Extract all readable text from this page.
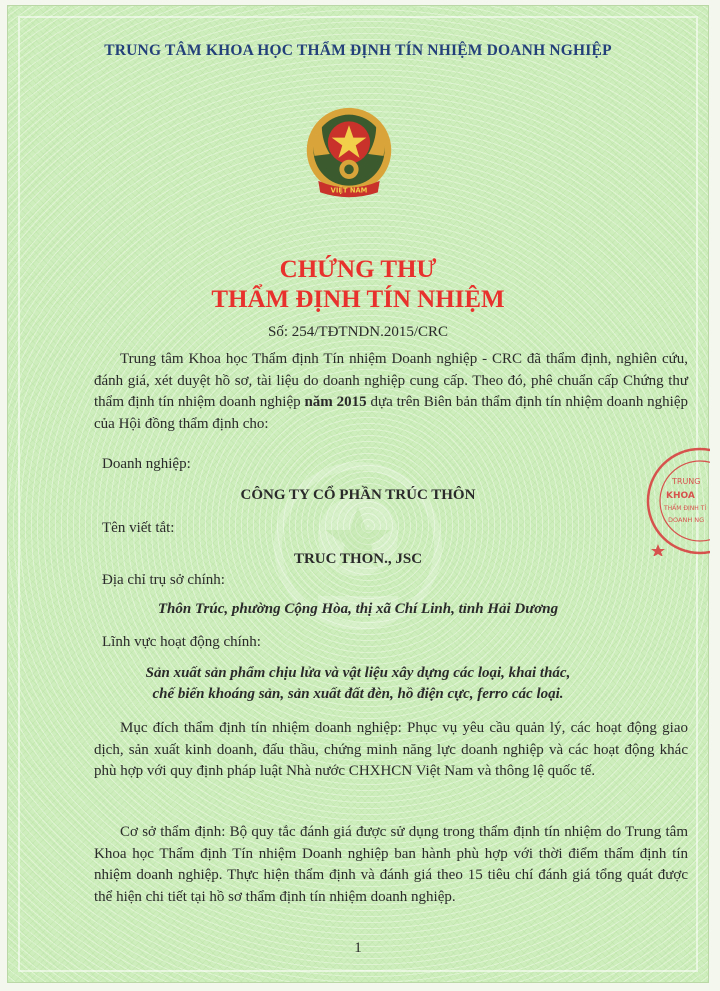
TRUNG TÂM KHOA HỌC THẨM ĐỊNH TÍN NHIỆM DOANH NGHIỆP
VIỆT NAM
CHỨNG THƯ
THẨM ĐỊNH TÍN NHIỆM
Số: 254/TĐTNDN.2015/CRC
Trung tâm Khoa học Thẩm định Tín nhiệm Doanh nghiệp - CRC đã thẩm định, nghiên cứu, đánh giá, xét duyệt hồ sơ, tài liệu do doanh nghiệp cung cấp. Theo đó, phê chuẩn cấp Chứng thư thẩm định tín nhiệm doanh nghiệp năm 2015 dựa trên Biên bản thẩm định tín nhiệm doanh nghiệp của Hội đồng thẩm định cho:
Doanh nghiệp:
CÔNG TY CỔ PHẦN TRÚC THÔN
Tên viết tắt:
TRUC THON., JSC
Địa chỉ trụ sở chính:
Thôn Trúc, phường Cộng Hòa, thị xã Chí Linh, tỉnh Hải Dương
Lĩnh vực hoạt động chính:
Sản xuất sản phẩm chịu lửa và vật liệu xây dựng các loại, khai thác,
chế biến khoáng sản, sản xuất đất đèn, hồ điện cực, ferro các loại.
Mục đích thẩm định tín nhiệm doanh nghiệp: Phục vụ yêu cầu quản lý, các hoạt động giao dịch, sản xuất kinh doanh, đấu thầu, chứng minh năng lực doanh nghiệp và các hoạt động khác phù hợp với quy định pháp luật Nhà nước CHXHCN Việt Nam và thông lệ quốc tế.
Cơ sở thẩm định: Bộ quy tắc đánh giá được sử dụng trong thẩm định tín nhiệm do Trung tâm Khoa học Thẩm định Tín nhiệm Doanh nghiệp ban hành phù hợp với thời điểm thẩm định tín nhiệm doanh nghiệp. Thực hiện thẩm định và đánh giá theo 15 tiêu chí đánh giá tổng quát được thể hiện chi tiết tại hồ sơ thẩm định tín nhiệm doanh nghiệp.
1
TRUNG
KHOA
THẨM ĐỊNH TÍ
DOANH NG
